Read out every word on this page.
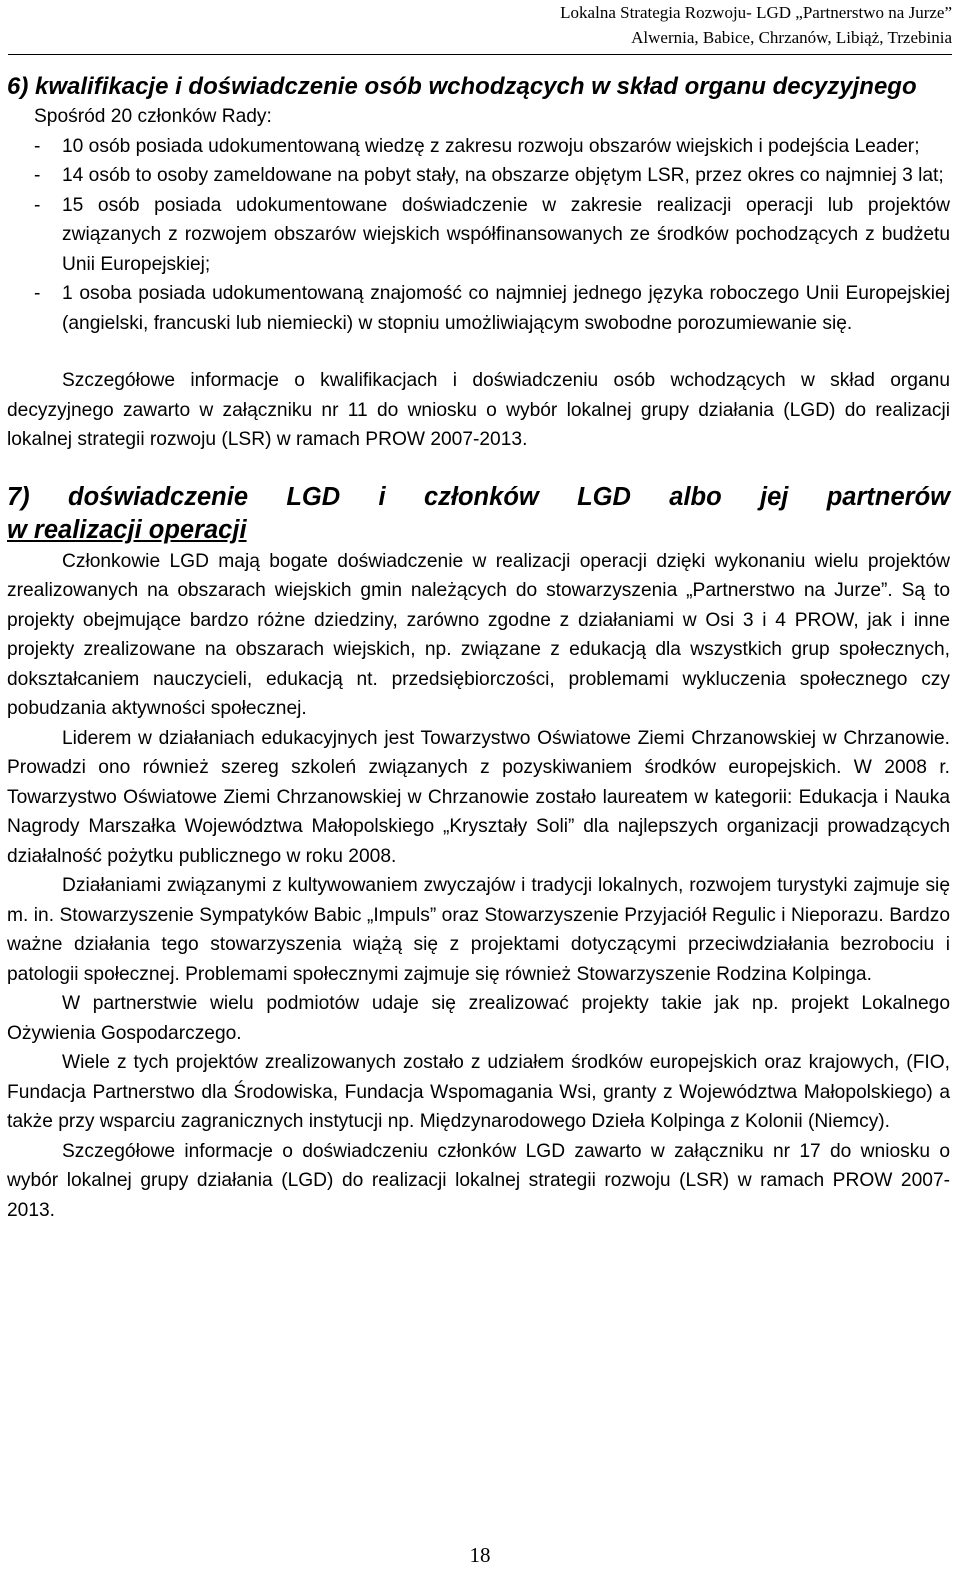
Lokalna Strategia Rozwoju- LGD „Partnerstwo na Jurze”
Alwernia, Babice, Chrzanów, Libiąż, Trzebinia

6) kwalifikacje i doświadczenie osób wchodzących w skład organu decyzyjnego

Spośród 20 członków Rady:

- 10 osób posiada udokumentowaną wiedzę z zakresu rozwoju obszarów wiejskich i podejścia Leader;
- 14 osób to osoby zameldowane na pobyt stały, na obszarze objętym LSR, przez okres co najmniej 3 lat;
- 15 osób posiada udokumentowane doświadczenie w zakresie realizacji operacji lub projektów związanych z rozwojem obszarów wiejskich współfinansowanych ze środków pochodzących z budżetu Unii Europejskiej;
- 1 osoba posiada udokumentowaną znajomość co najmniej jednego języka roboczego Unii Europejskiej (angielski, francuski lub niemiecki) w stopniu umożliwiającym swobodne porozumiewanie się.

Szczegółowe informacje o kwalifikacjach i doświadczeniu osób wchodzących w skład organu decyzyjnego zawarto w załączniku nr 11 do wniosku o wybór lokalnej grupy działania (LGD) do realizacji lokalnej strategii rozwoju (LSR) w ramach PROW 2007-2013.

7) doświadczenie LGD i członków LGD albo jej partnerów

w realizacji operacji

Członkowie LGD mają bogate doświadczenie w realizacji operacji dzięki wykonaniu wielu projektów zrealizowanych na obszarach wiejskich gmin należących do stowarzyszenia „Partnerstwo na Jurze”. Są to projekty obejmujące bardzo różne dziedziny, zarówno zgodne z działaniami w Osi 3 i 4 PROW, jak i inne projekty zrealizowane na obszarach wiejskich, np. związane z edukacją dla wszystkich grup społecznych, dokształcaniem nauczycieli, edukacją nt. przedsiębiorczości, problemami wykluczenia społecznego czy pobudzania aktywności społecznej.

Liderem w działaniach edukacyjnych jest Towarzystwo Oświatowe Ziemi Chrzanowskiej w Chrzanowie. Prowadzi ono również szereg szkoleń związanych z pozyskiwaniem środków europejskich. W 2008 r. Towarzystwo Oświatowe Ziemi Chrzanowskiej w Chrzanowie zostało laureatem w kategorii: Edukacja i Nauka Nagrody Marszałka Województwa Małopolskiego „Kryształy Soli” dla najlepszych organizacji prowadzących działalność pożytku publicznego w roku 2008.

Działaniami związanymi z kultywowaniem zwyczajów i tradycji lokalnych, rozwojem turystyki zajmuje się m. in. Stowarzyszenie Sympatyków Babic „Impuls” oraz Stowarzyszenie Przyjaciół Regulic i Nieporazu. Bardzo ważne działania tego stowarzyszenia wiążą się z projektami dotyczącymi przeciwdziałania bezrobociu i patologii społecznej. Problemami społecznymi zajmuje się również Stowarzyszenie Rodzina Kolpinga.

W partnerstwie wielu podmiotów udaje się zrealizować projekty takie jak np. projekt Lokalnego Ożywienia Gospodarczego.

Wiele z tych projektów zrealizowanych zostało z udziałem środków europejskich oraz krajowych, (FIO, Fundacja Partnerstwo dla Środowiska, Fundacja Wspomagania Wsi, granty z Województwa Małopolskiego) a także przy wsparciu zagranicznych instytucji np. Międzynarodowego Dzieła Kolpinga z Kolonii (Niemcy).

Szczegółowe informacje o doświadczeniu członków LGD zawarto w załączniku nr 17 do wniosku o wybór lokalnej grupy działania (LGD) do realizacji lokalnej strategii rozwoju (LSR) w ramach PROW 2007-2013.

18
